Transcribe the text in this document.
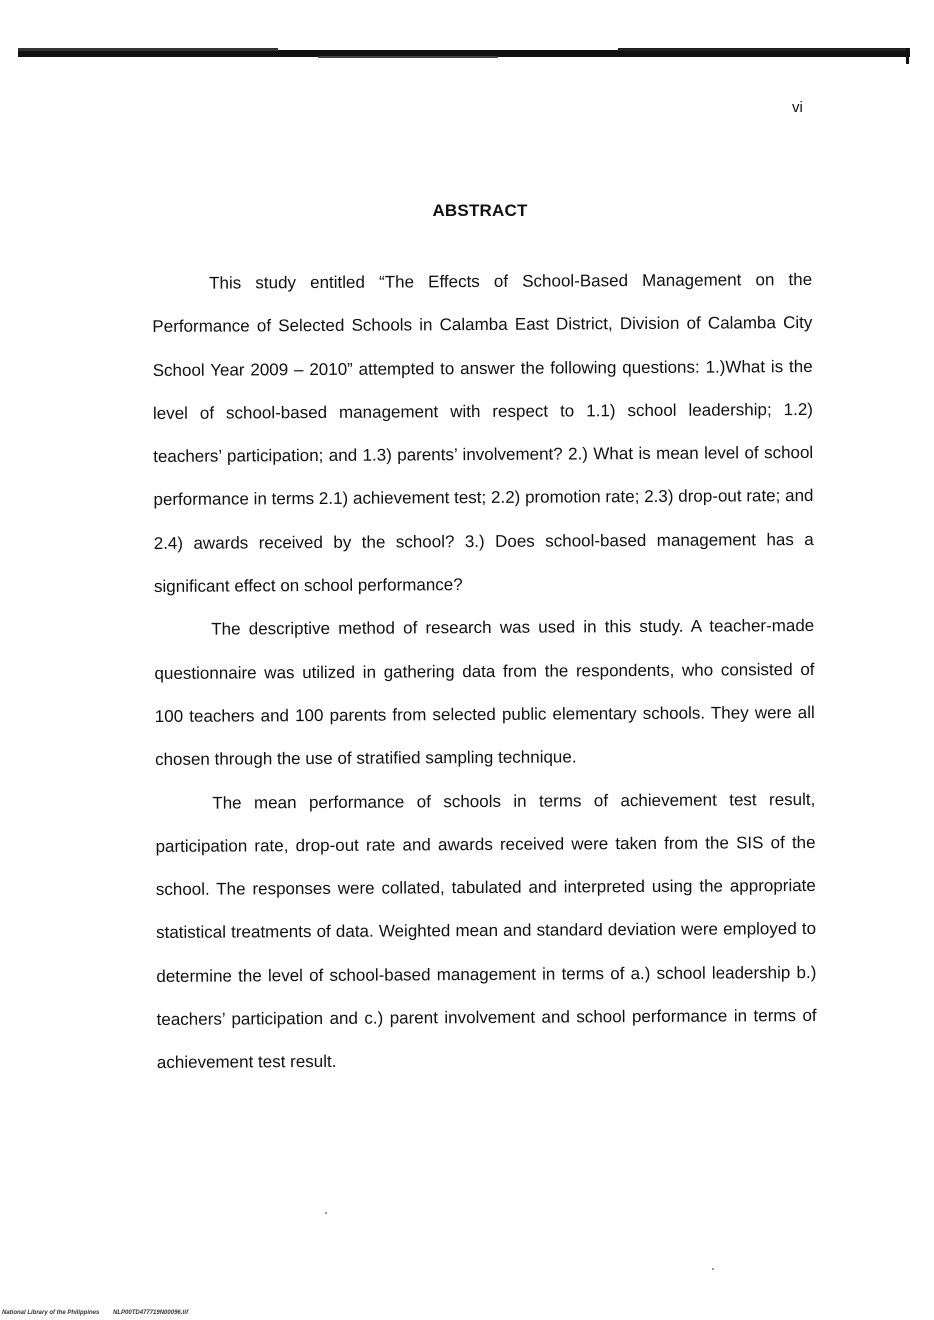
vi
ABSTRACT

This study entitled “The Effects of School-Based Management on the Performance of Selected Schools in Calamba East District, Division of Calamba City School Year 2009 – 2010” attempted to answer the following questions: 1.)What is the level of school-based management with respect to 1.1) school leadership; 1.2) teachers’ participation; and 1.3) parents’ involvement? 2.) What is mean level of school performance in terms 2.1) achievement test; 2.2) promotion rate; 2.3) drop-out rate; and 2.4) awards received by the school? 3.) Does school-based management has a significant effect on school performance?

The descriptive method of research was used in this study. A teacher-made questionnaire was utilized in gathering data from the respondents, who consisted of 100 teachers and 100 parents from selected public elementary schools. They were all chosen through the use of stratified sampling technique.

The mean performance of schools in terms of achievement test result, participation rate, drop-out rate and awards received were taken from the SIS of the school. The responses were collated, tabulated and interpreted using the appropriate statistical treatments of data. Weighted mean and standard deviation were employed to determine the level of school-based management in terms of a.) school leadership b.) teachers’ participation and c.) parent involvement and school performance in terms of achievement test result.

National Library of the Philippines NLP00TD477719N00096.tif
